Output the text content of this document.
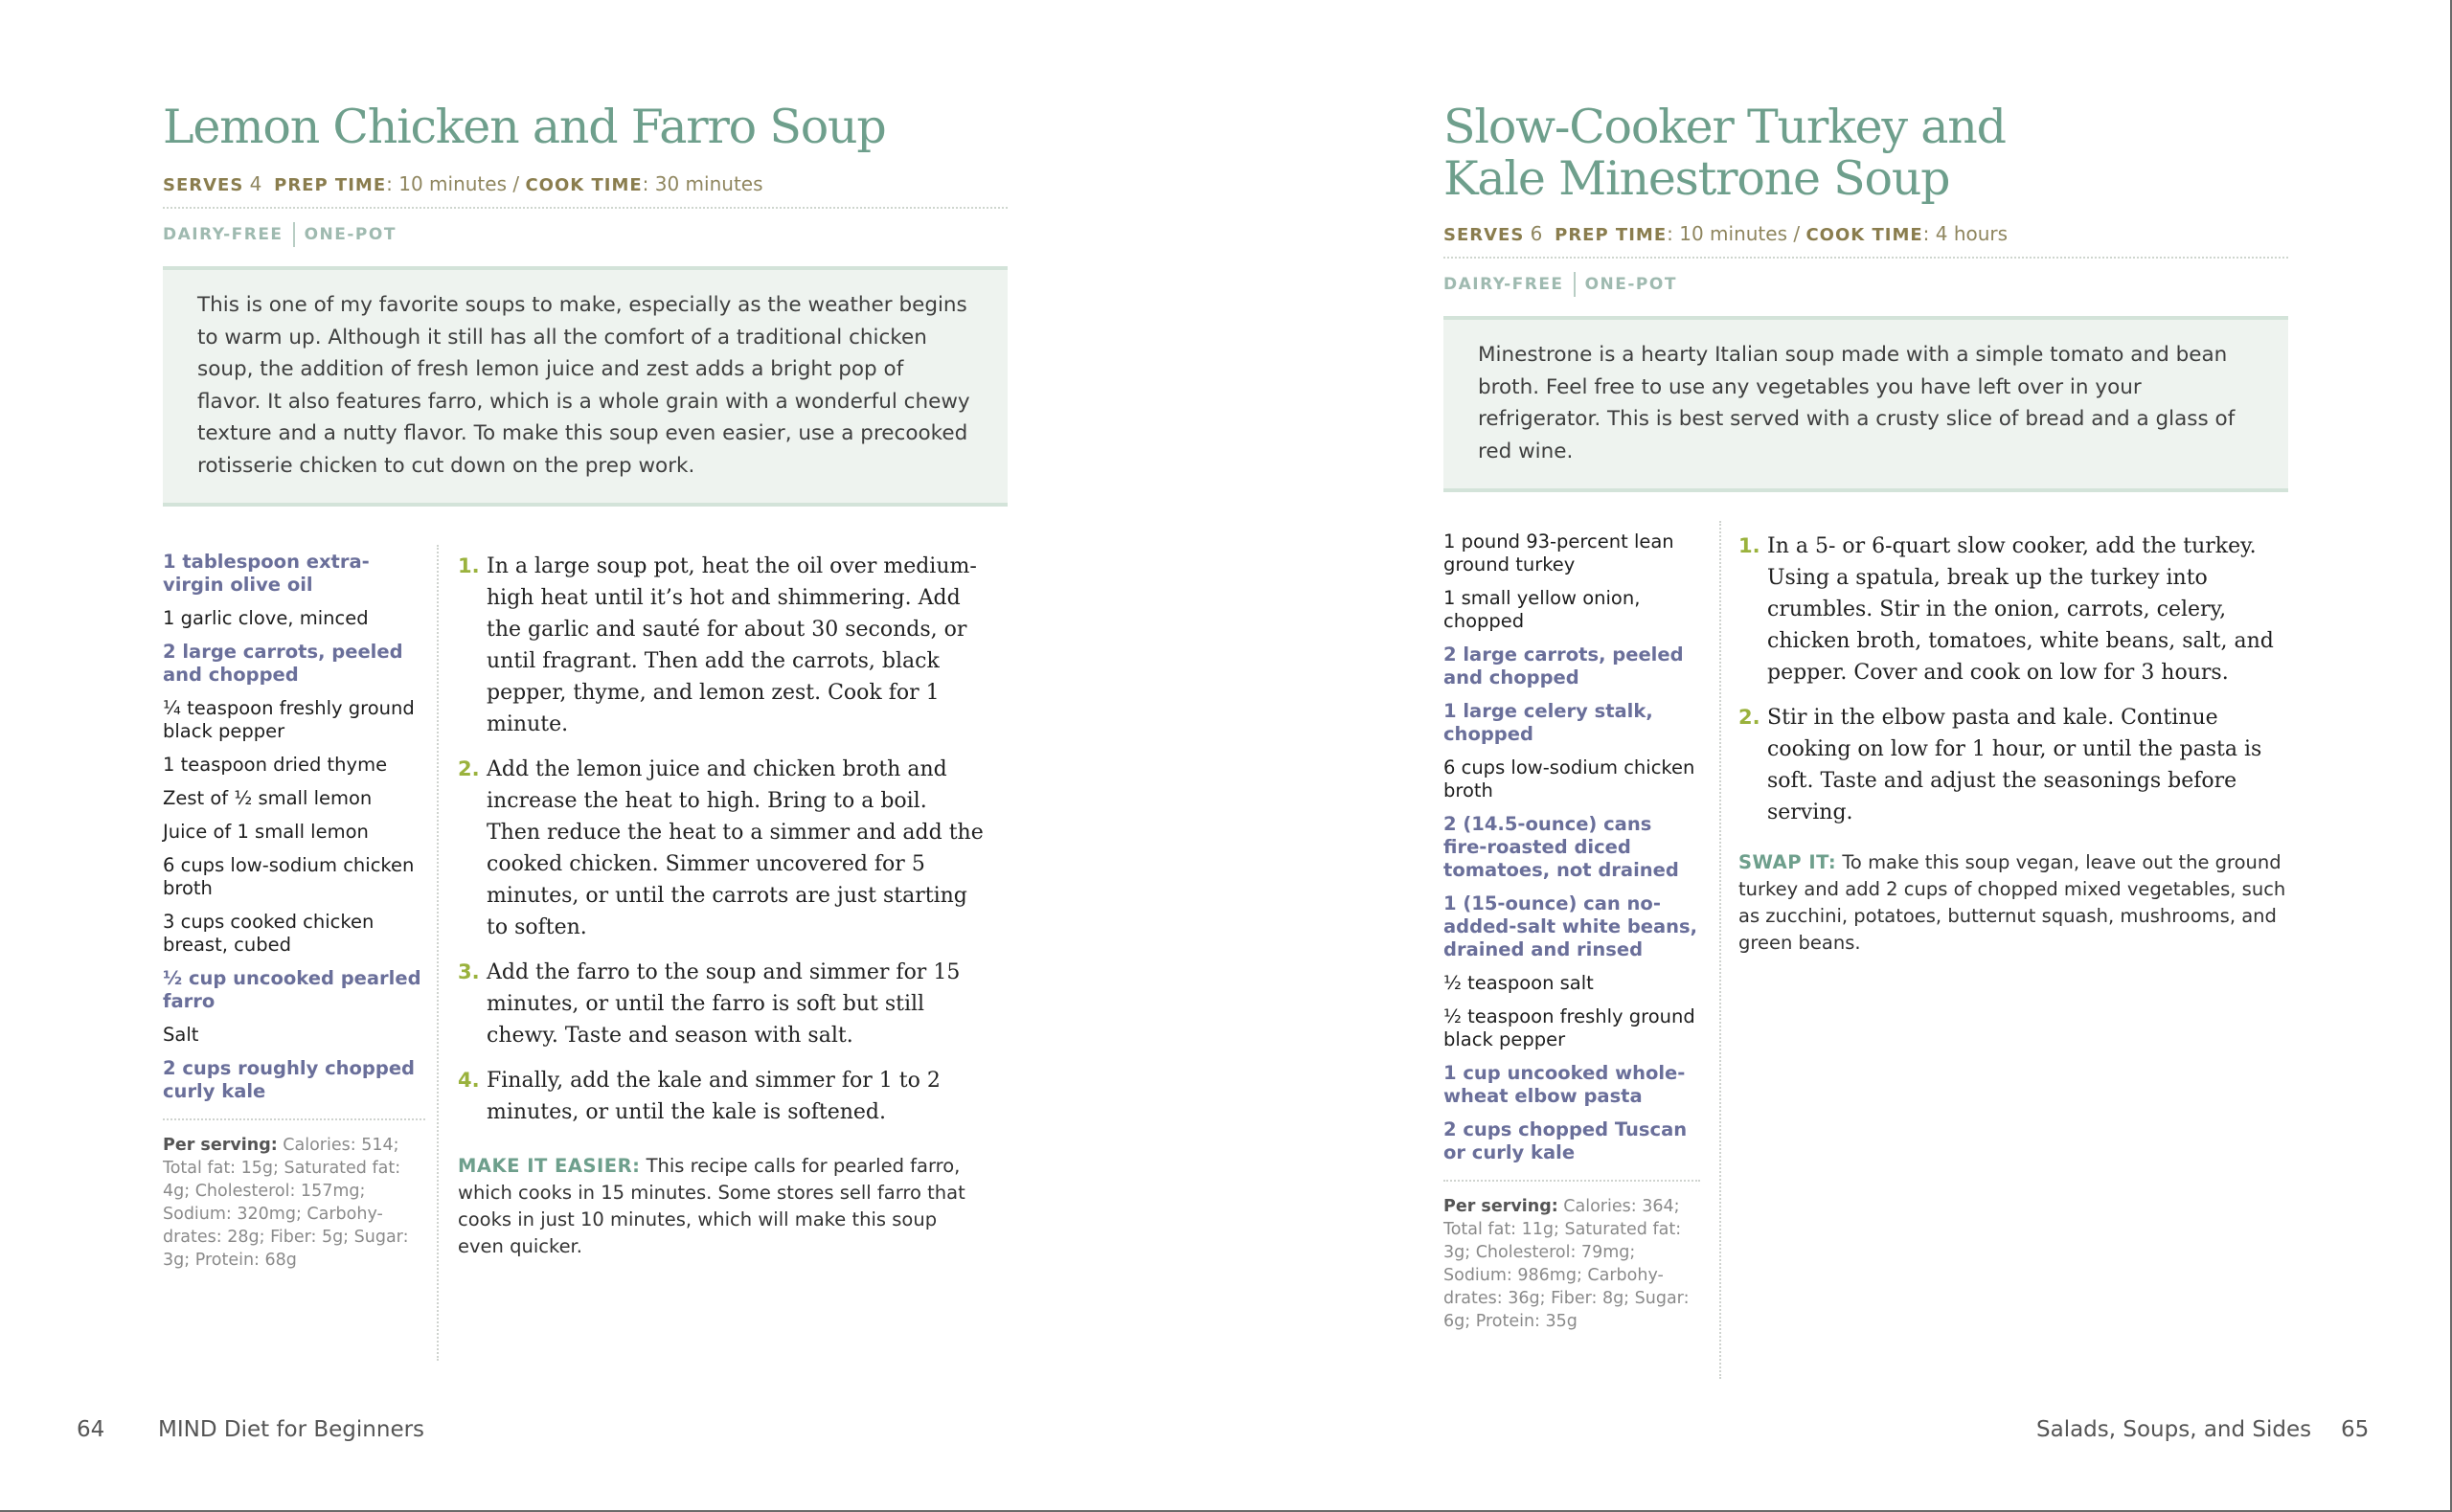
Lemon Chicken and Farro Soup
SERVES 4 PREP TIME: 10 minutes / COOK TIME: 30 minutes
DAIRY-FREE ONE-POT
This is one of my favorite soups to make, especially as the weather begins to warm up. Although it still has all the comfort of a traditional chicken soup, the addition of fresh lemon juice and zest adds a bright pop of flavor. It also features farro, which is a whole grain with a wonderful chewy texture and a nutty flavor. To make this soup even easier, use a precooked rotisserie chicken to cut down on the prep work.
1 tablespoon extra-virgin olive oil
1 garlic clove, minced
2 large carrots, peeled and chopped
¼ teaspoon freshly ground black pepper
1 teaspoon dried thyme
Zest of ½ small lemon
Juice of 1 small lemon
6 cups low-sodium chicken broth
3 cups cooked chicken breast, cubed
½ cup uncooked pearled farro
Salt
2 cups roughly chopped curly kale
Per serving: Calories: 514; Total fat: 15g; Saturated fat: 4g; Cholesterol: 157mg; Sodium: 320mg; Carbohy- drates: 28g; Fiber: 5g; Sugar: 3g; Protein: 68g
1. In a large soup pot, heat the oil over medium-high heat until it’s hot and shimmering. Add the garlic and sauté for about 30 seconds, or until fragrant. Then add the carrots, black pepper, thyme, and lemon zest. Cook for 1 minute.
2. Add the lemon juice and chicken broth and increase the heat to high. Bring to a boil. Then reduce the heat to a simmer and add the cooked chicken. Simmer uncovered for 5 minutes, or until the carrots are just starting to soften.
3. Add the farro to the soup and simmer for 15 minutes, or until the farro is soft but still chewy. Taste and season with salt.
4. Finally, add the kale and simmer for 1 to 2 minutes, or until the kale is softened.
MAKE IT EASIER: This recipe calls for pearled farro, which cooks in 15 minutes. Some stores sell farro that cooks in just 10 minutes, which will make this soup even quicker.
64 MIND Diet for Beginners
Slow-Cooker Turkey and
Kale Minestrone Soup
SERVES 6 PREP TIME: 10 minutes / COOK TIME: 4 hours
DAIRY-FREE ONE-POT
Minestrone is a hearty Italian soup made with a simple tomato and bean broth. Feel free to use any vegetables you have left over in your refrigerator. This is best served with a crusty slice of bread and a glass of red wine.
1 pound 93-percent lean ground turkey
1 small yellow onion, chopped
2 large carrots, peeled and chopped
1 large celery stalk, chopped
6 cups low-sodium chicken broth
2 (14.5-ounce) cans fire-roasted diced tomatoes, not drained
1 (15-ounce) can no-added-salt white beans, drained and rinsed
½ teaspoon salt
½ teaspoon freshly ground black pepper
1 cup uncooked whole-wheat elbow pasta
2 cups chopped Tuscan or curly kale
Per serving: Calories: 364; Total fat: 11g; Saturated fat: 3g; Cholesterol: 79mg; Sodium: 986mg; Carbohy- drates: 36g; Fiber: 8g; Sugar: 6g; Protein: 35g
1. In a 5- or 6-quart slow cooker, add the turkey. Using a spatula, break up the turkey into crumbles. Stir in the onion, carrots, celery, chicken broth, tomatoes, white beans, salt, and pepper. Cover and cook on low for 3 hours.
2. Stir in the elbow pasta and kale. Continue cooking on low for 1 hour, or until the pasta is soft. Taste and adjust the seasonings before serving.
SWAP IT: To make this soup vegan, leave out the ground turkey and add 2 cups of chopped mixed vegetables, such as zucchini, potatoes, butternut squash, mushrooms, and green beans.
Salads, Soups, and Sides 65
